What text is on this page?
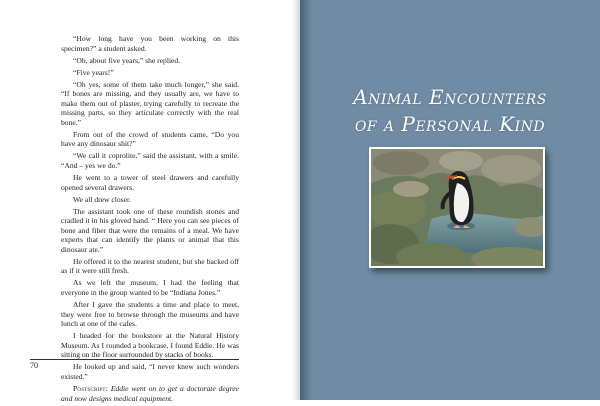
“How long have you been working on this specimen?” a student asked.

“Oh, about five years,” she replied.

“Five years!”

“Oh yes, some of them take much longer,” she said. “If bones are missing, and they usually are, we have to make them out of plaster, trying carefully to recreate the missing parts, so they articulate correctly with the real bone.”

From out of the crowd of students came, “Do you have any dinosaur shit?”

“We call it coprolite,” said the assistant, with a smile. “And – yes we do.”

He went to a tower of steel drawers and carefully opened several drawers.

We all drew closer.

The assistant took one of these roundish stones and cradled it in his gloved hand. “ Here you can see pieces of bone and fiber that were the remains of a meal. We have experts that can identify the plants or animal that this dinosaur ate.”

He offered it to the nearest student, but she backed off as if it were still fresh.

As we left the museum, I had the feeling that everyone in the group wanted to be “Indiana Jones.”

After I gave the students a time and place to meet, they were free to browse through the museums and have lunch at one of the cafes.

I headed for the bookstore at the Natural History Museum. As I rounded a bookcase, I found Eddie. He was sitting on the floor surrounded by stacks of books.

He looked up and said, “I never knew such wonders existed.”

Postscript: Eddie went on to get a doctorate degree and now designs medical equipment.

70
Animal Encounters
of a Personal Kind
